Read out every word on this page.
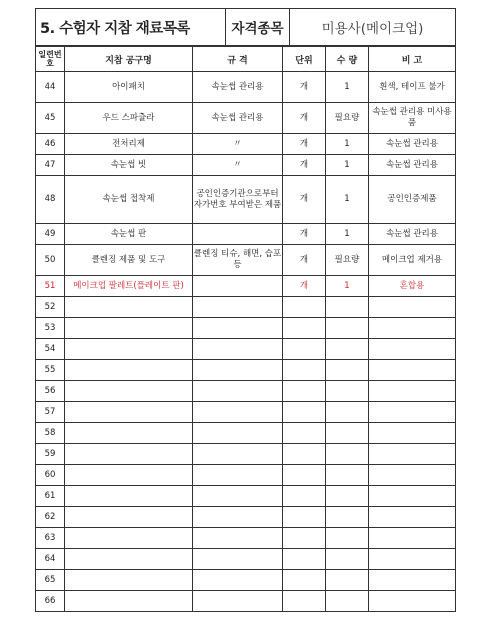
5. 수험자 지참 재료목록	자격종목	미용사(메이크업)
일련번호	지참 공구명	규 격	단위	수 량	비 고
44	아이패치	속눈썹 관리용	개	1	흰색, 테이프 불가
45	우드 스파츌라	속눈썹 관리용	개	필요량	속눈썹 관리용 미사용품
46	전처리제	〃	개	1	속눈썹 관리용
47	속눈썹 빗	〃	개	1	속눈썹 관리용
48	속눈썹 접착제	공인인증기관으로부터 자가번호 부여받은 제품	개	1	공인인증제품
49	속눈썹 판		개	1	속눈썹 관리용
50	클렌징 제품 및 도구	클렌징 티슈, 해면, 습포 등	개	필요량	메이크업 제거용
51	메이크업 팔레트(플레이트 판)		개	1	혼합용
52					
53					
54					
55					
56					
57					
58					
59					
60					
61					
62					
63					
64					
65					
66					
